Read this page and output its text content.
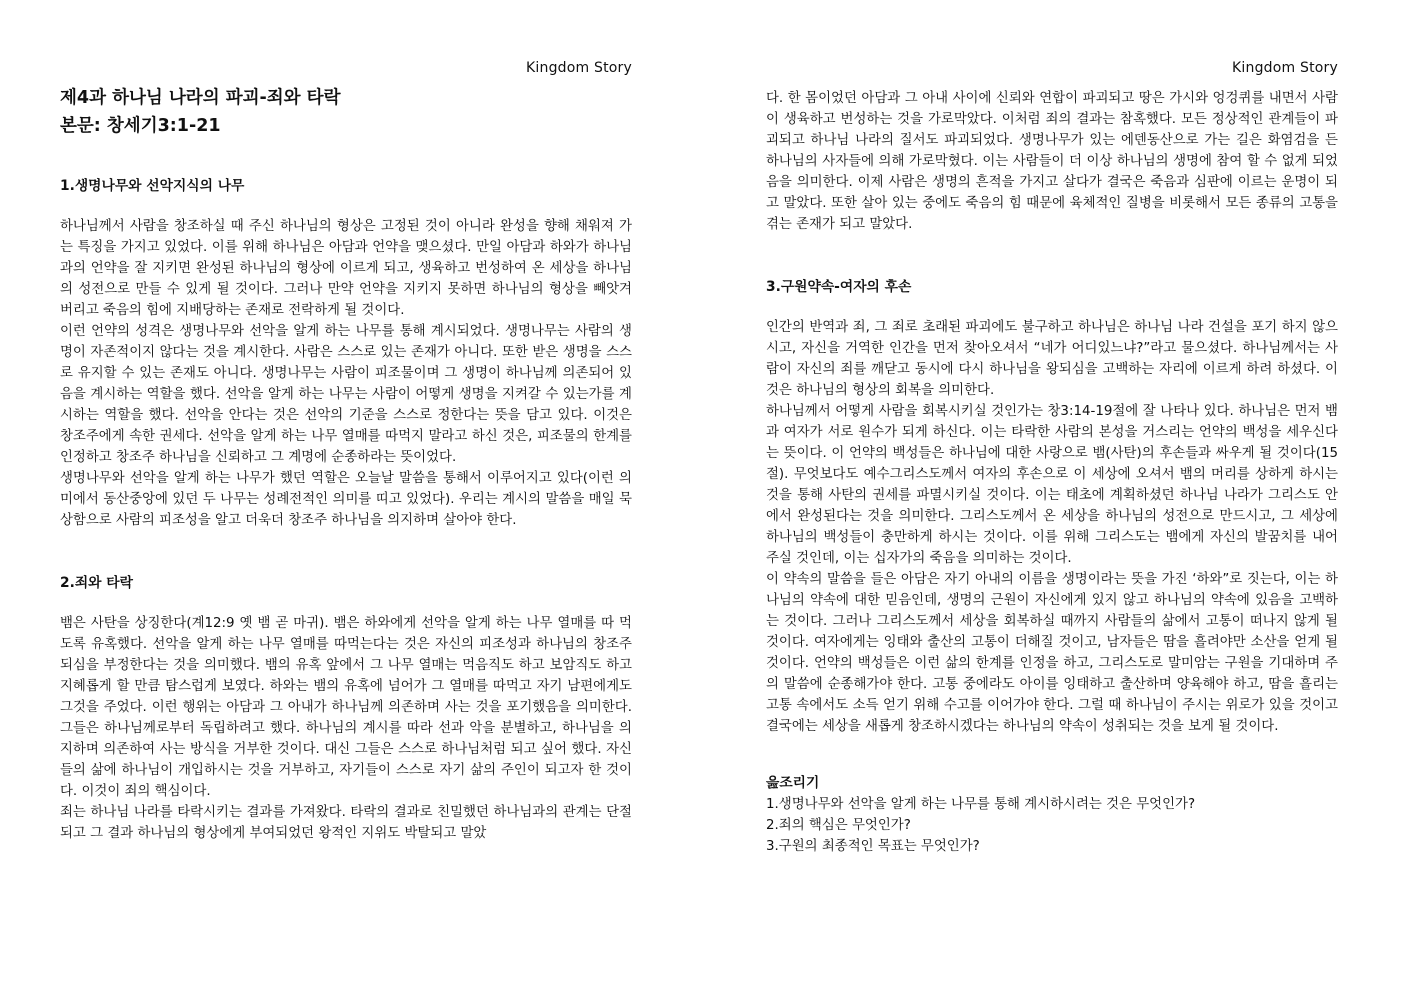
Kingdom Story
제4과 하나님 나라의 파괴-죄와 타락
본문: 창세기3:1-21

1.생명나무와 선악지식의 나무

하나님께서 사람을 창조하실 때 주신 하나님의 형상은 고정된 것이 아니라 완성을 향해 채워져 가는 특징을 가지고 있었다. 이를 위해 하나님은 아담과 언약을 맺으셨다. 만일 아담과 하와가 하나님과의 언약을 잘 지키면 완성된 하나님의 형상에 이르게 되고, 생육하고 번성하여 온 세상을 하나님의 성전으로 만들 수 있게 될 것이다. 그러나 만약 언약을 지키지 못하면 하나님의 형상을 빼앗겨 버리고 죽음의 힘에 지배당하는 존재로 전락하게 될 것이다.

이런 언약의 성격은 생명나무와 선악을 알게 하는 나무를 통해 계시되었다. 생명나무는 사람의 생명이 자존적이지 않다는 것을 계시한다. 사람은 스스로 있는 존재가 아니다. 또한 받은 생명을 스스로 유지할 수 있는 존재도 아니다. 생명나무는 사람이 피조물이며 그 생명이 하나님께 의존되어 있음을 계시하는 역할을 했다. 선악을 알게 하는 나무는 사람이 어떻게 생명을 지켜갈 수 있는가를 계시하는 역할을 했다. 선악을 안다는 것은 선악의 기준을 스스로 정한다는 뜻을 담고 있다. 이것은 창조주에게 속한 권세다. 선악을 알게 하는 나무 열매를 따먹지 말라고 하신 것은, 피조물의 한계를 인정하고 창조주 하나님을 신뢰하고 그 계명에 순종하라는 뜻이었다.

생명나무와 선악을 알게 하는 나무가 했던 역할은 오늘날 말씀을 통해서 이루어지고 있다(이런 의미에서 동산중앙에 있던 두 나무는 성례전적인 의미를 띠고 있었다). 우리는 계시의 말씀을 매일 묵상함으로 사람의 피조성을 알고 더욱더 창조주 하나님을 의지하며 살아야 한다.

2.죄와 타락

뱀은 사탄을 상징한다(계12:9 옛 뱀 곧 마귀). 뱀은 하와에게 선악을 알게 하는 나무 열매를 따 먹도록 유혹했다. 선악을 알게 하는 나무 열매를 따먹는다는 것은 자신의 피조성과 하나님의 창조주 되심을 부정한다는 것을 의미했다. 뱀의 유혹 앞에서 그 나무 열매는 먹음직도 하고 보암직도 하고 지혜롭게 할 만큼 탐스럽게 보였다. 하와는 뱀의 유혹에 넘어가 그 열매를 따먹고 자기 남편에게도 그것을 주었다. 이런 행위는 아담과 그 아내가 하나님께 의존하며 사는 것을 포기했음을 의미한다. 그들은 하나님께로부터 독립하려고 했다. 하나님의 계시를 따라 선과 악을 분별하고, 하나님을 의지하며 의존하여 사는 방식을 거부한 것이다. 대신 그들은 스스로 하나님처럼 되고 싶어 했다. 자신들의 삶에 하나님이 개입하시는 것을 거부하고, 자기들이 스스로 자기 삶의 주인이 되고자 한 것이다. 이것이 죄의 핵심이다.

죄는 하나님 나라를 타락시키는 결과를 가져왔다. 타락의 결과로 친밀했던 하나님과의 관계는 단절되고 그 결과 하나님의 형상에게 부여되었던 왕적인 지위도 박탈되고 말았

Kingdom Story

다. 한 몸이었던 아담과 그 아내 사이에 신뢰와 연합이 파괴되고 땅은 가시와 엉겅퀴를 내면서 사람이 생육하고 번성하는 것을 가로막았다. 이처럼 죄의 결과는 참혹했다. 모든 정상적인 관계들이 파괴되고 하나님 나라의 질서도 파괴되었다. 생명나무가 있는 에덴동산으로 가는 길은 화염검을 든 하나님의 사자들에 의해 가로막혔다. 이는 사람들이 더 이상 하나님의 생명에 참여 할 수 없게 되었음을 의미한다. 이제 사람은 생명의 흔적을 가지고 살다가 결국은 죽음과 심판에 이르는 운명이 되고 말았다. 또한 살아 있는 중에도 죽음의 힘 때문에 육체적인 질병을 비롯해서 모든 종류의 고통을 겪는 존재가 되고 말았다.

3.구원약속-여자의 후손

인간의 반역과 죄, 그 죄로 초래된 파괴에도 불구하고 하나님은 하나님 나라 건설을 포기 하지 않으시고, 자신을 거역한 인간을 먼저 찾아오셔서 “네가 어디있느냐?”라고 물으셨다. 하나님께서는 사람이 자신의 죄를 깨닫고 동시에 다시 하나님을 왕되심을 고백하는 자리에 이르게 하려 하셨다. 이것은 하나님의 형상의 회복을 의미한다.

하나님께서 어떻게 사람을 회복시키실 것인가는 창3:14-19절에 잘 나타나 있다. 하나님은 먼저 뱀과 여자가 서로 원수가 되게 하신다. 이는 타락한 사람의 본성을 거스리는 언약의 백성을 세우신다는 뜻이다. 이 언약의 백성들은 하나님에 대한 사랑으로 뱀(사탄)의 후손들과 싸우게 될 것이다(15절). 무엇보다도 예수그리스도께서 여자의 후손으로 이 세상에 오셔서 뱀의 머리를 상하게 하시는 것을 통해 사탄의 권세를 파멸시키실 것이다. 이는 태초에 계획하셨던 하나님 나라가 그리스도 안에서 완성된다는 것을 의미한다. 그리스도께서 온 세상을 하나님의 성전으로 만드시고, 그 세상에 하나님의 백성들이 충만하게 하시는 것이다. 이를 위해 그리스도는 뱀에게 자신의 발꿈치를 내어 주실 것인데, 이는 십자가의 죽음을 의미하는 것이다.

이 약속의 말씀을 들은 아담은 자기 아내의 이름을 생명이라는 뜻을 가진 ‘하와”로 짓는다, 이는 하나님의 약속에 대한 믿음인데, 생명의 근원이 자신에게 있지 않고 하나님의 약속에 있음을 고백하는 것이다. 그러나 그리스도께서 세상을 회복하실 때까지 사람들의 삶에서 고통이 떠나지 않게 될 것이다. 여자에게는 잉태와 출산의 고통이 더해질 것이고, 남자들은 땀을 흘려야만 소산을 얻게 될 것이다. 언약의 백성들은 이런 삶의 한계를 인정을 하고, 그리스도로 말미암는 구원을 기대하며 주의 말씀에 순종해가야 한다. 고통 중에라도 아이를 잉태하고 출산하며 양육해야 하고, 땀을 흘리는 고통 속에서도 소득 얻기 위해 수고를 이어가야 한다. 그럴 때 하나님이 주시는 위로가 있을 것이고 결국에는 세상을 새롭게 창조하시겠다는 하나님의 약속이 성취되는 것을 보게 될 것이다.

읊조리기

1.생명나무와 선악을 알게 하는 나무를 통해 계시하시려는 것은 무엇인가?

2.죄의 핵심은 무엇인가?

3.구원의 최종적인 목표는 무엇인가?
